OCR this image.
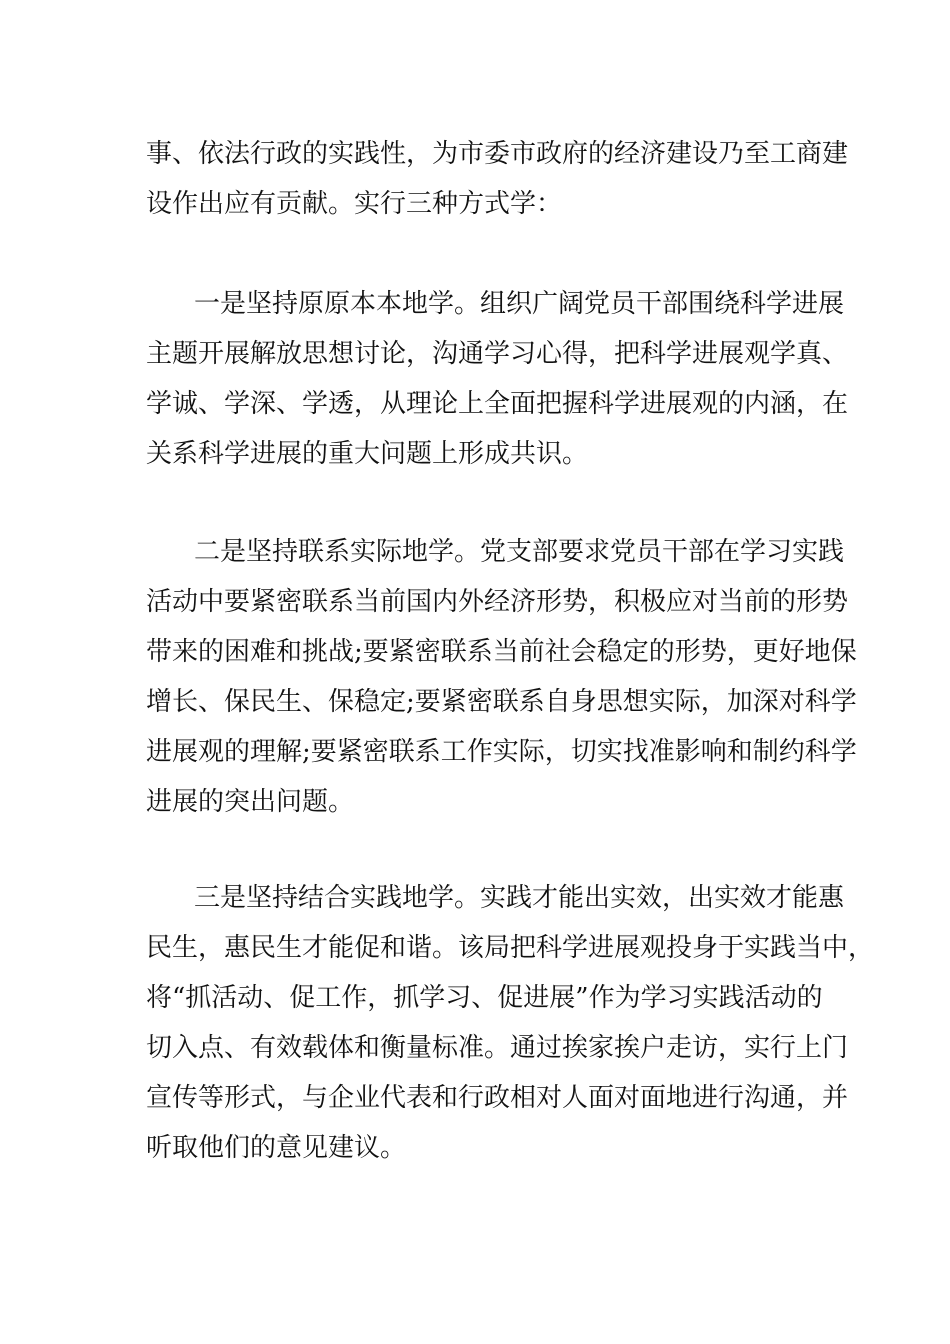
事、依法行政的实践性，为市委市政府的经济建设乃至工商建
设作出应有贡献。实行三种方式学：
一是坚持原原本本地学。组织广阔党员干部围绕科学进展
主题开展解放思想讨论，沟通学习心得，把科学进展观学真、
学诚、学深、学透，从理论上全面把握科学进展观的内涵，在
关系科学进展的重大问题上形成共识。
二是坚持联系实际地学。党支部要求党员干部在学习实践
活动中要紧密联系当前国内外经济形势，积极应对当前的形势
带来的困难和挑战;要紧密联系当前社会稳定的形势，更好地保
增长、保民生、保稳定;要紧密联系自身思想实际，加深对科学
进展观的理解;要紧密联系工作实际，切实找准影响和制约科学
进展的突出问题。
三是坚持结合实践地学。实践才能出实效，出实效才能惠
民生，惠民生才能促和谐。该局把科学进展观投身于实践当中，
将“抓活动、促工作，抓学习、促进展”作为学习实践活动的
切入点、有效载体和衡量标准。通过挨家挨户走访，实行上门
宣传等形式，与企业代表和行政相对人面对面地进行沟通，并
听取他们的意见建议。
